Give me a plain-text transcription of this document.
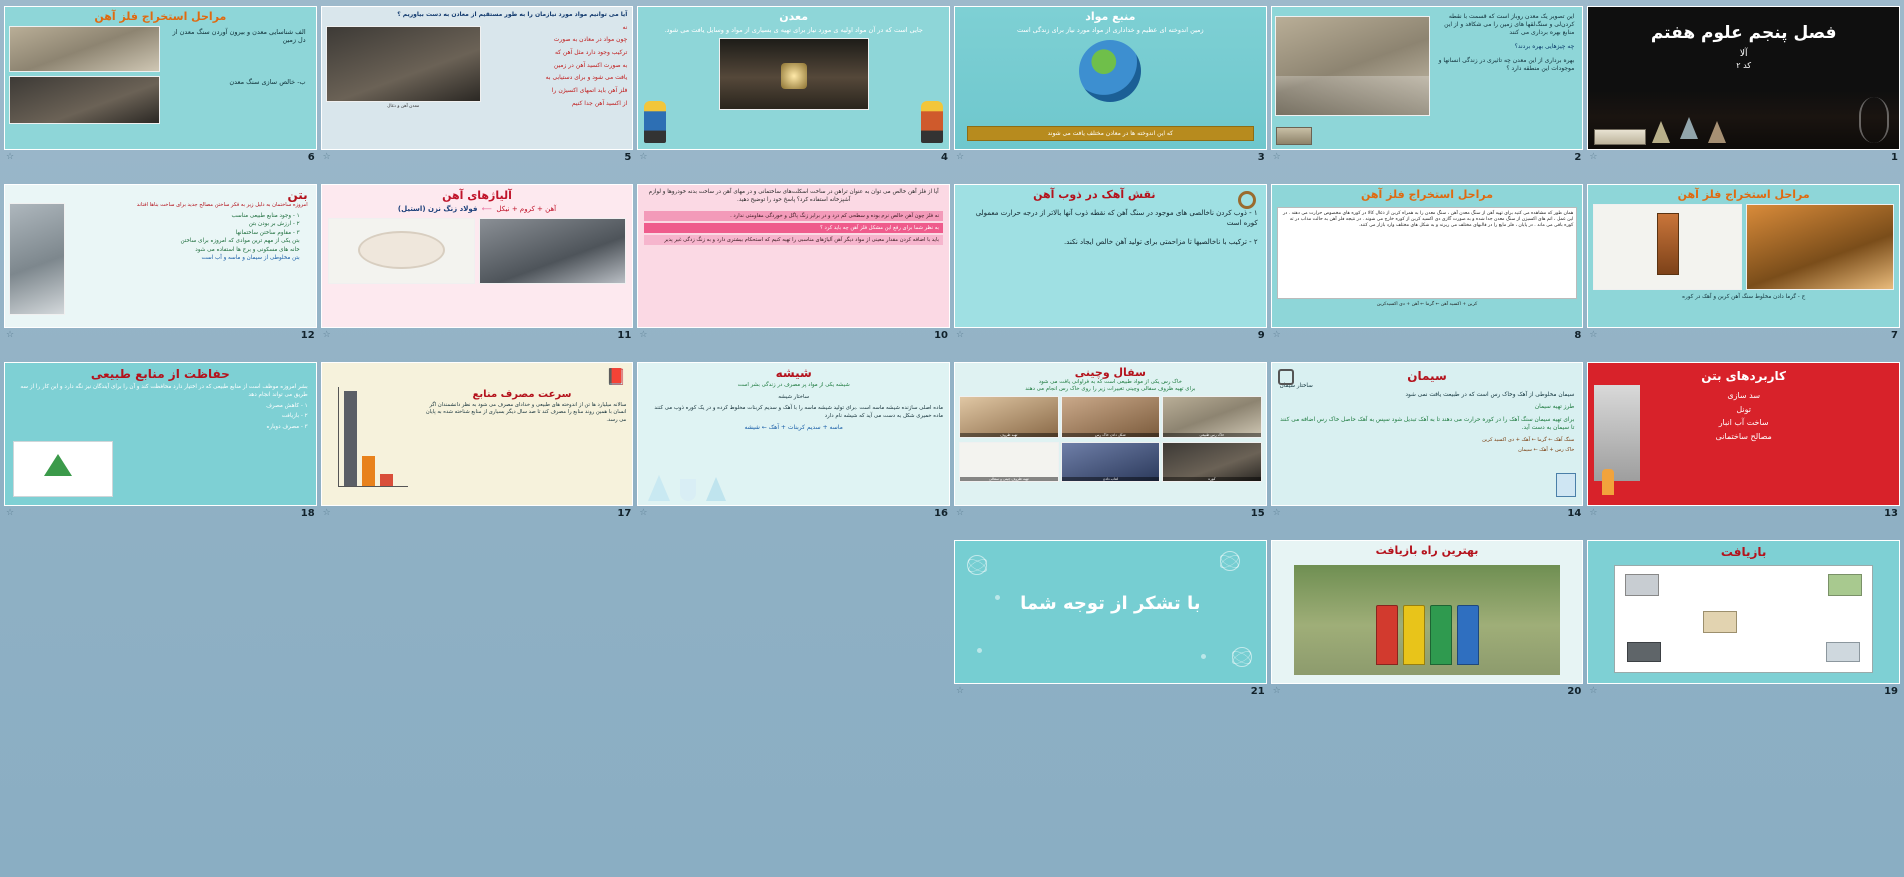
فصل پنجم علوم هفتم
آلا
کد ۲
☆	1
این تصویر یک معدن روباز است که قسمت با نقطه کردن‌لی و سنگ‌لقها های زمین را می شکافد و از این منابع بهره برداری می کنند
چه چیزهایی بهره بردند؟
بهره برداری از این معدن چه تاثیری در زندگی انسانها و موجودات این منطقه دارد ؟
☆	2
منبع مواد
زمین اندوخته ای عظیم و خداداری از مواد مورد نیاز برای زندگی است
که این اندوخته ها در معادن مختلف یافت می شوند
☆	3
معدن
جایی است که در آن مواد اولیه ی مورد نیاز برای تهیه ی بسیاری از مواد و وسایل یافت می شود.
☆	4
آیا می توانیم مواد مورد نیازمان را به طور مستقیم از معادن به دست بیاوریم ؟
نه
چون مواد در معادن به صورت
ترکیب وجود دارد مثل آهن که
به صورت اکسید آهن در زمین
یافت می شود و برای دستیابی به
فلز آهن باید اتمهای اکسیژن را
از اکسید آهن جدا کنیم
معدن آهن و ذغال
☆	5
مراحل استخراج فلز آهن
الف شناسایی معدن و بیرون آوردن سنگ معدن از دل زمین
ب- خالص سازی سنگ معدن
☆	6
مراحل استخراج فلز آهن
ج - گرما دادن مخلوط سنگ آهن کربن و آهک در کوره
☆	7
مراحل استخراج فلز آهن
همان طور که مشاهده می کنید برای تهیه آهن از سنگ معدن آهن ، سنگ معدن را به همراه کربن از ذغال کالا در کوره های مخصوص حرارت می دهند . در این عمل ، اتم های اکسیژن از سنگ معدن جدا شده و به صورت گازی دی اکسید کربن از کوره خارج می شوند . در نتیجه فلز آهن به حالت مذاب در ته کوره باقی می ماند . در پایان ، فلز مایع را در قالبهای مختلف می ریزند و به شکل های مختلف وارد بازار می کنند.
کربن + اکسید آهن ← گرما ← آهن + دی اکسیدکربن
☆	8
نقش آهک در ذوب آهن
۱ - ذوب کردن ناخالصی های موجود در سنگ آهن که نقطه ذوب آنها بالاتر از درجه حرارت معمولی کوره است
۲ - ترکیب با ناخالصیها تا مزاحمتی برای تولید آهن خالص ایجاد نکند.
☆	9
آیا از فلز آهن خالص می توان به عنوان تراهن در ساخت اسکلت‌های ساختمانی و در مهای آهن در ساخت بدنه خودروها و لوازم آشپزخانه استفاده کرد؟ پاسخ خود را توضیح دهید.
نه فلز چون آهن خالص نرم بوده و سطحی کم ذرد و در برابر زنگ پاگل و خوردگی مقاومتی ندارد .
به نظر شما برای رفع این مشکل فلز آهن چه باید کرد ؟
باید با اضافه کردن مقدار معینی از مواد دیگر آهن آلیاژهای مناسبی را تهیه کنیم که استحکام بیشتری دارد و به زنگ زدگی غیر پذیر
☆	10
آلیاژهای آهن
آهن + کروم + نیکل  ⟵  فولاد زنگ نزن (استیل)
☆	11
بتن
امروزه ساختمان به دلیل زیر به فکر ساختن مصالح جدید برای ساخت بناها افتاند
۱ - وجود منابع طبیعی مناسب
۲ - ارزش بر بودن بتن
۳ - مقاوم ساختن ساختمانها
بتن یکی از مهم ترین موادی که امروزه برای ساختن
خانه های مسکونی و برج ها استفاده می شود
بتن مخلوطی از سیمان و ماسه و آب است
☆	12
کاربردهای بتن
سد سازی
تونل
ساخت آب انبار
مصالح ساختمانی
☆	13
سیمان
ساختار سیمان
سیمان مخلوطی از آهک وخاک رس است که در طبیعت یافت نمی شود
طرز تهیه سیمان
برای تهیه سیمان سنگ آهک را در کوره حرارت می دهند تا به آهک تبدیل شود سپس به آهک حاصل خاک رس اضافه می کنند تا سیمان به دست آید.
سنگ آهک ← گرما ← آهک + دی اکسید کربن
خاک رس + آهک ← سیمان
☆	14
سفال وچینی
خاک رس یکی از مواد طبیعی است که به فراوانی یافت می شود
برای تهیه ظروف سفالی وچینی تغییرات زیر را روی خاک رس انجام می دهند
خاک رس طبیعی
شکل دادن خاک رس
تهیه ظروف
کوره
لعاب دادن
تهیه ظروف چینی و سفالی
☆	15
شیشه
شیشه یکی از مواد پر مصرف در زندگی بشر است
ساختار شیشه
ماده اصلی سازنده شیشه ماسه است .برای تولید شیشه ماسه را با آهک و سدیم کربنات مخلوط کرده و در یک کوره ذوب می کنند ماده خمیری شکل به دست می آید که شیشه نام دارد
ماسه + سدیم کربنات + آهک ← شیشه
☆	16
📕
سرعت مصرف منابع
سالانه میلیارد ها تن از اندوخته های طبیعی و خدادای مصرف می شود به نظر دانشمندان اگر انسان با همین روند منابع را مصرف کند تا صد سال دیگر بسیاری از منابع شناخته شده به پایان می رسد.
☆	17
حفاظت از منابع طبیعی
بشر امروزه موظف است از منابع طبیعی که در اختیار دارد محافظت کند و آن را برای آیندگان نیز نگه دارد و این کار را از سه طریق می تواند انجام دهد
۱ - کاهش مصرف
۲ - بازیافت
۳ - مصرف دوباره
☆	18
بازیافت
☆	19
بهترین راه بازیافت
☆	20
با تشکر از توجه شما
☆	21
